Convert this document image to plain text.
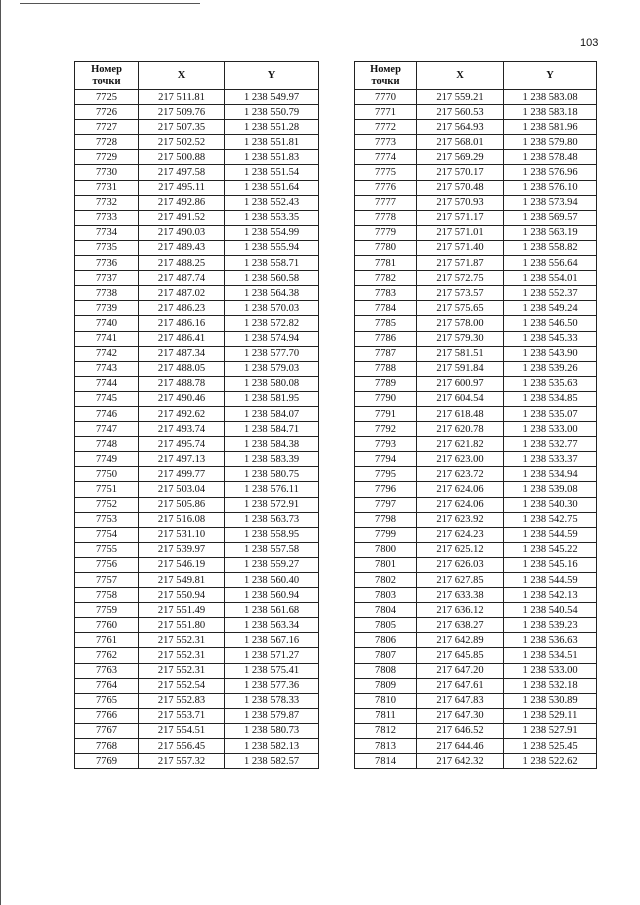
103
Номер точки	X	Y
7725	217 511.81	1 238 549.97
7726	217 509.76	1 238 550.79
7727	217 507.35	1 238 551.28
7728	217 502.52	1 238 551.81
7729	217 500.88	1 238 551.83
7730	217 497.58	1 238 551.54
7731	217 495.11	1 238 551.64
7732	217 492.86	1 238 552.43
7733	217 491.52	1 238 553.35
7734	217 490.03	1 238 554.99
7735	217 489.43	1 238 555.94
7736	217 488.25	1 238 558.71
7737	217 487.74	1 238 560.58
7738	217 487.02	1 238 564.38
7739	217 486.23	1 238 570.03
7740	217 486.16	1 238 572.82
7741	217 486.41	1 238 574.94
7742	217 487.34	1 238 577.70
7743	217 488.05	1 238 579.03
7744	217 488.78	1 238 580.08
7745	217 490.46	1 238 581.95
7746	217 492.62	1 238 584.07
7747	217 493.74	1 238 584.71
7748	217 495.74	1 238 584.38
7749	217 497.13	1 238 583.39
7750	217 499.77	1 238 580.75
7751	217 503.04	1 238 576.11
7752	217 505.86	1 238 572.91
7753	217 516.08	1 238 563.73
7754	217 531.10	1 238 558.95
7755	217 539.97	1 238 557.58
7756	217 546.19	1 238 559.27
7757	217 549.81	1 238 560.40
7758	217 550.94	1 238 560.94
7759	217 551.49	1 238 561.68
7760	217 551.80	1 238 563.34
7761	217 552.31	1 238 567.16
7762	217 552.31	1 238 571.27
7763	217 552.31	1 238 575.41
7764	217 552.54	1 238 577.36
7765	217 552.83	1 238 578.33
7766	217 553.71	1 238 579.87
7767	217 554.51	1 238 580.73
7768	217 556.45	1 238 582.13
7769	217 557.32	1 238 582.57
Номер точки	X	Y
7770	217 559.21	1 238 583.08
7771	217 560.53	1 238 583.18
7772	217 564.93	1 238 581.96
7773	217 568.01	1 238 579.80
7774	217 569.29	1 238 578.48
7775	217 570.17	1 238 576.96
7776	217 570.48	1 238 576.10
7777	217 570.93	1 238 573.94
7778	217 571.17	1 238 569.57
7779	217 571.01	1 238 563.19
7780	217 571.40	1 238 558.82
7781	217 571.87	1 238 556.64
7782	217 572.75	1 238 554.01
7783	217 573.57	1 238 552.37
7784	217 575.65	1 238 549.24
7785	217 578.00	1 238 546.50
7786	217 579.30	1 238 545.33
7787	217 581.51	1 238 543.90
7788	217 591.84	1 238 539.26
7789	217 600.97	1 238 535.63
7790	217 604.54	1 238 534.85
7791	217 618.48	1 238 535.07
7792	217 620.78	1 238 533.00
7793	217 621.82	1 238 532.77
7794	217 623.00	1 238 533.37
7795	217 623.72	1 238 534.94
7796	217 624.06	1 238 539.08
7797	217 624.06	1 238 540.30
7798	217 623.92	1 238 542.75
7799	217 624.23	1 238 544.59
7800	217 625.12	1 238 545.22
7801	217 626.03	1 238 545.16
7802	217 627.85	1 238 544.59
7803	217 633.38	1 238 542.13
7804	217 636.12	1 238 540.54
7805	217 638.27	1 238 539.23
7806	217 642.89	1 238 536.63
7807	217 645.85	1 238 534.51
7808	217 647.20	1 238 533.00
7809	217 647.61	1 238 532.18
7810	217 647.83	1 238 530.89
7811	217 647.30	1 238 529.11
7812	217 646.52	1 238 527.91
7813	217 644.46	1 238 525.45
7814	217 642.32	1 238 522.62
